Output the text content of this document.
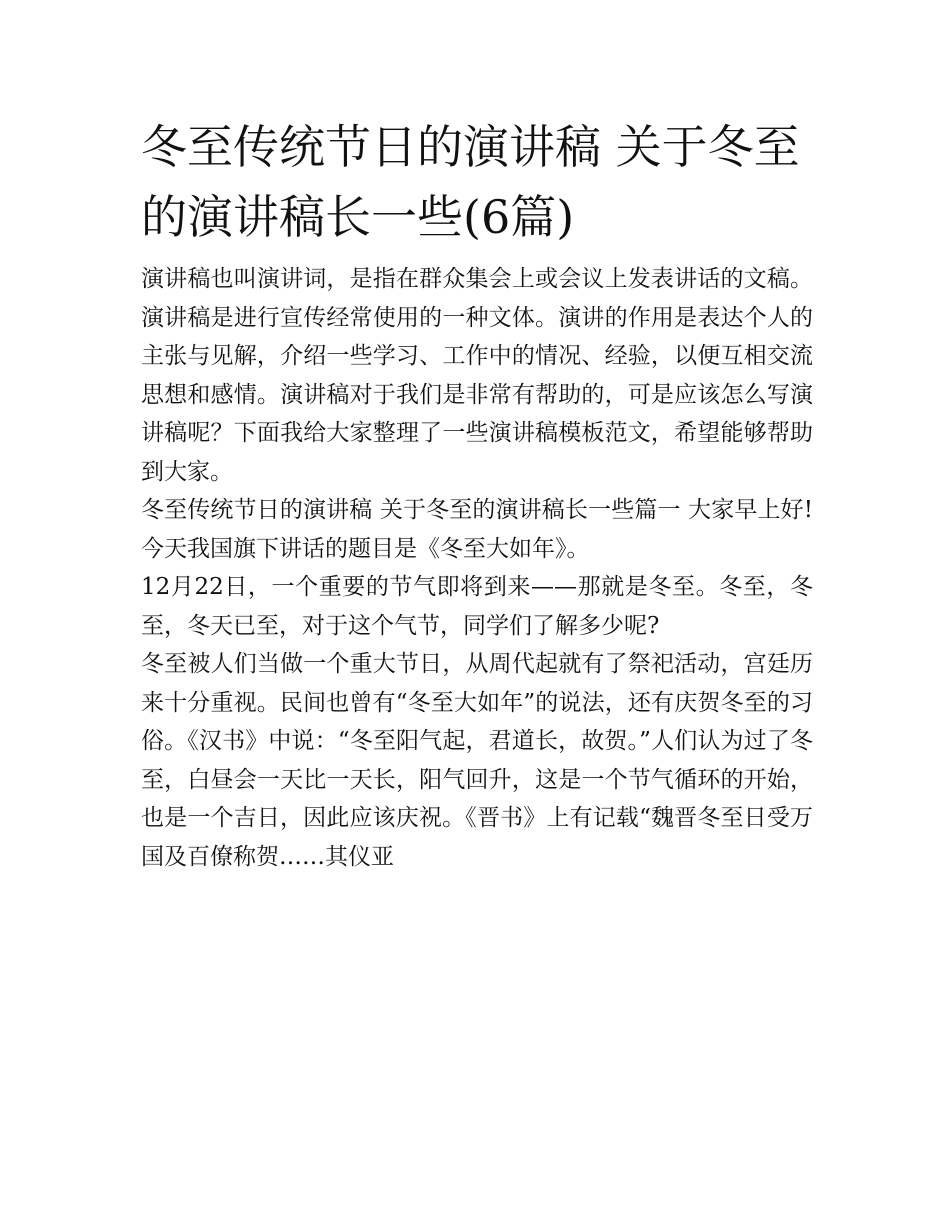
冬至传统节日的演讲稿 关于冬至的演讲稿长一些(6篇)

演讲稿也叫演讲词，是指在群众集会上或会议上发表讲话的文稿。演讲稿是进行宣传经常使用的一种文体。演讲的作用是表达个人的主张与见解，介绍一些学习、工作中的情况、经验，以便互相交流思想和感情。演讲稿对于我们是非常有帮助的，可是应该怎么写演讲稿呢？下面我给大家整理了一些演讲稿模板范文，希望能够帮助到大家。

冬至传统节日的演讲稿 关于冬至的演讲稿长一些篇一 大家早上好! 今天我国旗下讲话的题目是《冬至大如年》。

12月22日，一个重要的节气即将到来——那就是冬至。冬至，冬至，冬天已至，对于这个气节，同学们了解多少呢?

冬至被人们当做一个重大节日，从周代起就有了祭祀活动，宫廷历来十分重视。民间也曾有“冬至大如年”的说法，还有庆贺冬至的习俗。《汉书》中说：“冬至阳气起，君道长，故贺。”人们认为过了冬至，白昼会一天比一天长，阳气回升，这是一个节气循环的开始，也是一个吉日，因此应该庆祝。《晋书》上有记载“魏晋冬至日受万国及百僚称贺……其仪亚
